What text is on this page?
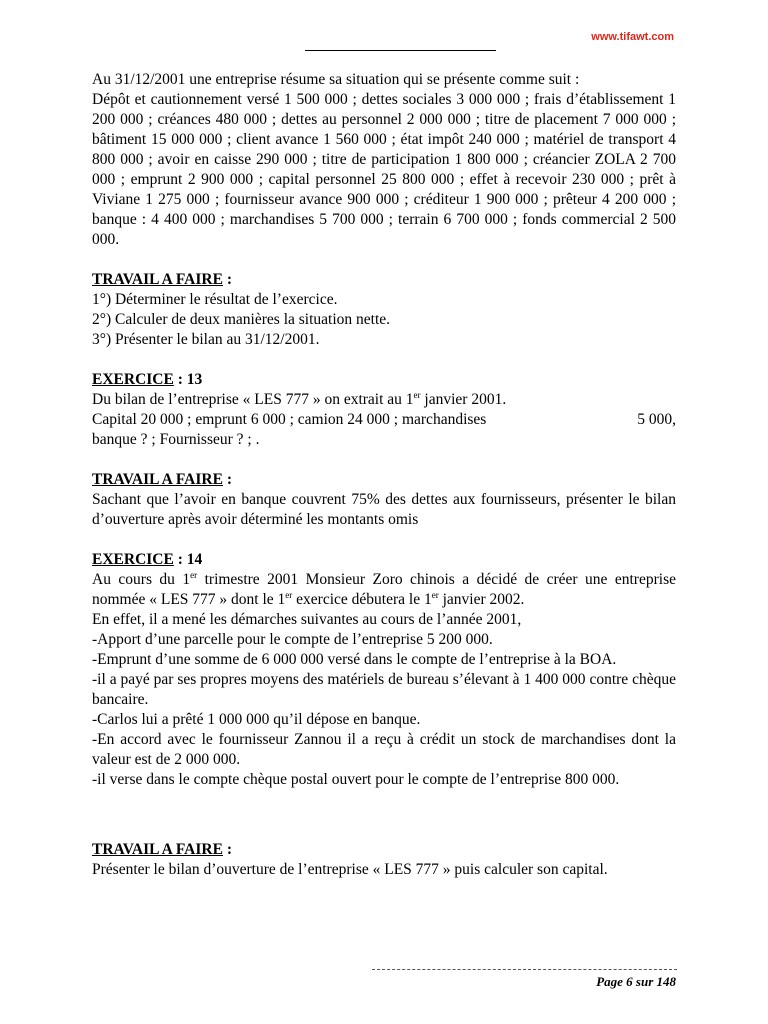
www.tifawt.com

Au 31/12/2001 une entreprise résume sa situation qui se présente comme suit :

Dépôt et cautionnement versé 1 500 000 ; dettes sociales 3 000 000 ; frais d’établissement 1 200 000 ; créances 480 000 ; dettes au personnel 2 000 000 ; titre de placement 7 000 000 ; bâtiment 15 000 000 ; client avance 1 560 000 ; état impôt 240 000 ; matériel de transport 4 800 000 ; avoir en caisse 290 000 ; titre de participation 1 800 000 ; créancier ZOLA 2 700 000 ; emprunt 2 900 000 ; capital personnel 25 800 000 ; effet à recevoir 230 000 ; prêt à Viviane 1 275 000 ; fournisseur avance 900 000 ; créditeur 1 900 000 ; prêteur 4 200 000 ; banque : 4 400 000 ; marchandises 5 700 000 ; terrain 6 700 000 ; fonds commercial 2 500 000.

TRAVAIL A FAIRE :

1°) Déterminer le résultat de l’exercice.

2°) Calculer de deux manières la situation nette.

3°) Présenter le bilan au 31/12/2001.

EXERCICE : 13

Du bilan de l’entreprise « LES 777 » on extrait au 1er janvier 2001.

Capital 20 000 ; emprunt 6 000 ; camion 24 000 ; marchandises	5 000,

banque ? ; Fournisseur ? ; .

TRAVAIL A FAIRE :

Sachant que l’avoir en banque couvrent 75% des dettes aux fournisseurs, présenter le bilan d’ouverture après avoir déterminé les montants omis

EXERCICE : 14

Au cours du 1er trimestre 2001 Monsieur Zoro chinois a décidé de créer une entreprise nommée « LES 777 » dont le 1er exercice débutera le 1er janvier 2002.

En effet, il a mené les démarches suivantes au cours de l’année 2001,

-Apport d’une parcelle pour le compte de l’entreprise 5 200 000.

-Emprunt d’une somme de 6 000 000 versé dans le compte de l’entreprise à la BOA.

-il a payé par ses propres moyens des matériels de bureau s’élevant à 1 400 000 contre chèque bancaire.

-Carlos lui a prêté 1 000 000 qu’il dépose en banque.

-En accord avec le fournisseur Zannou il a reçu à crédit un stock de marchandises dont la valeur est de 2 000 000.

-il verse dans le compte chèque postal ouvert pour le compte de l’entreprise 800 000.

TRAVAIL A FAIRE :

Présenter le bilan d’ouverture de l’entreprise « LES 777 » puis calculer son capital.

Page 6 sur 148
